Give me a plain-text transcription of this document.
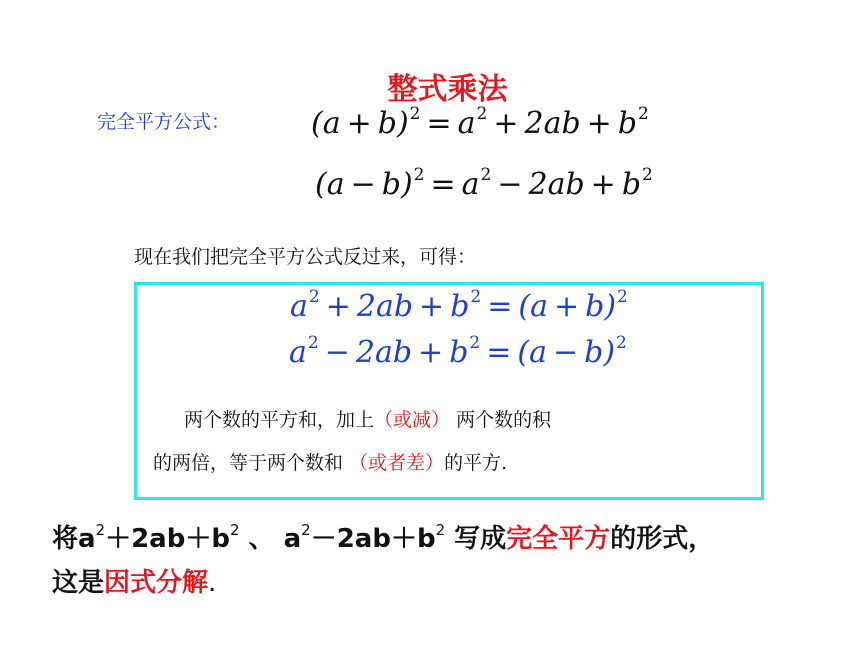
整式乘法
完全平方公式：	$(a + b)^2 = a^2 + 2ab + b^2$
$(a - b)^2 = a^2 - 2ab + b^2$
现在我们把完全平方公式反过来，可得：
$a^2 + 2ab + b^2 = (a + b)^2$
$a^2 - 2ab + b^2 = (a - b)^2$
两个数的平方和，加上（或减） 两个数的积
的两倍，等于两个数和 （或者差）的平方.
将$a^2+2ab+b^2$ 、 $a^2-2ab+b^2$ 写成完全平方的形式，
这是因式分解.
